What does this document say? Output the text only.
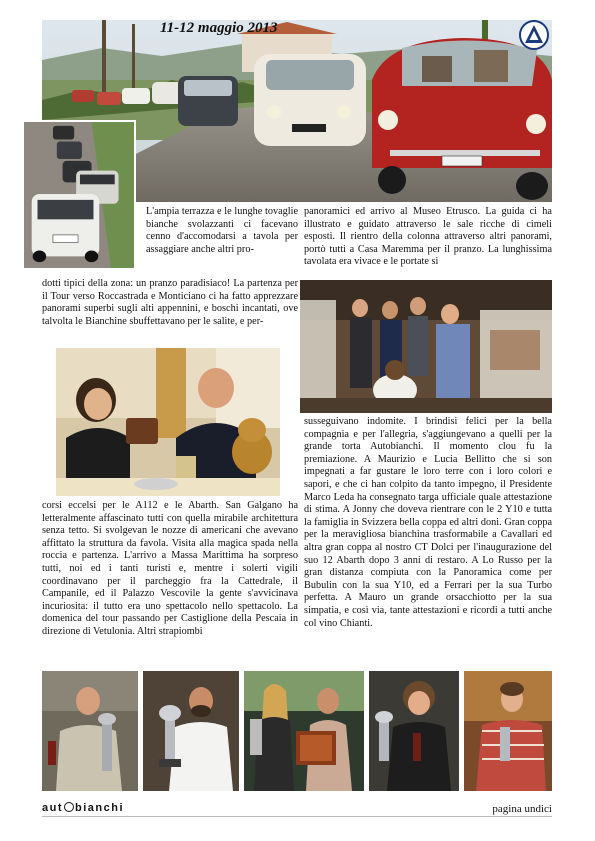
11-12 maggio 2013

L'ampia terrazza e le lunghe tovaglie bianche svolazzanti ci facevano cenno d'accomodarsi a tavola per assaggiare anche altri pro-

dotti tipici della zona: un pranzo paradisiaco! La partenza per il Tour verso Roccastrada e Monticiano ci ha fatto apprezzare panorami superbi sugli alti appennini, e boschi incantati, ove talvolta le Bianchine sbuffettavano per le salite, e per-

corsi eccelsi per le A112 e le Abarth. San Galgano ha letteralmente affascinato tutti con quella mirabile architettura senza tetto. Si svolgevan le nozze di americani che avevano affittato la struttura da favola. Visita alla magica spada nella roccia e partenza. L'arrivo a Massa Marittima ha sorpreso tutti, noi ed i tanti turisti e, mentre i solerti vigili coordinavano per il parcheggio fra la Cattedrale, il Campanile, ed il Palazzo Vescovile la gente s'avvicinava incuriosita: il tutto era uno spettacolo nello spettacolo. La domenica del tour passando per Castiglione della Pescaia in direzione di Vetulonia. Altri strapiombi

panoramici ed arrivo al Museo Etrusco. La guida ci ha illustrato e guidato attraverso le sale ricche di cimeli esposti. Il rientro della colonna attraverso altri panorami, portò tutti a Casa Maremma per il pranzo. La lunghissima tavolata era vivace e le portate si

susseguivano indomite. I brindisi felici per la bella compagnia e per l'allegria, s'aggiungevano a quelli per la grande torta Autobianchi. Il momento clou fu la premiazione. A Maurizio e Lucia Bellitto che si son impegnati a far gustare le loro terre con i loro colori e sapori, e che ci han colpito da tanto impegno, il Presidente Marco Leda ha consegnato targa ufficiale quale attestazione di stima. A Jonny che doveva rientrare con le 2 Y10 e tutta la famiglia in Svizzera bella coppa ed altri doni. Gran coppa per la meravigliosa bianchina trasformabile a Cavallari ed altra gran coppa al nostro CT Dolci per l'inaugurazione del suo 12 Abarth dopo 3 anni di restaro. A Lo Russo per la gran distanza compiuta con la Panoramica come per Bubulin con la sua Y10, ed a Ferrari per la sua Turbo perfetta. A Mauro un grande orsacchiotto per la sua simpatia, e così via, tante attestazioni e ricordi a tutti anche col vino Chianti.

aut bianchi	pagina undici
